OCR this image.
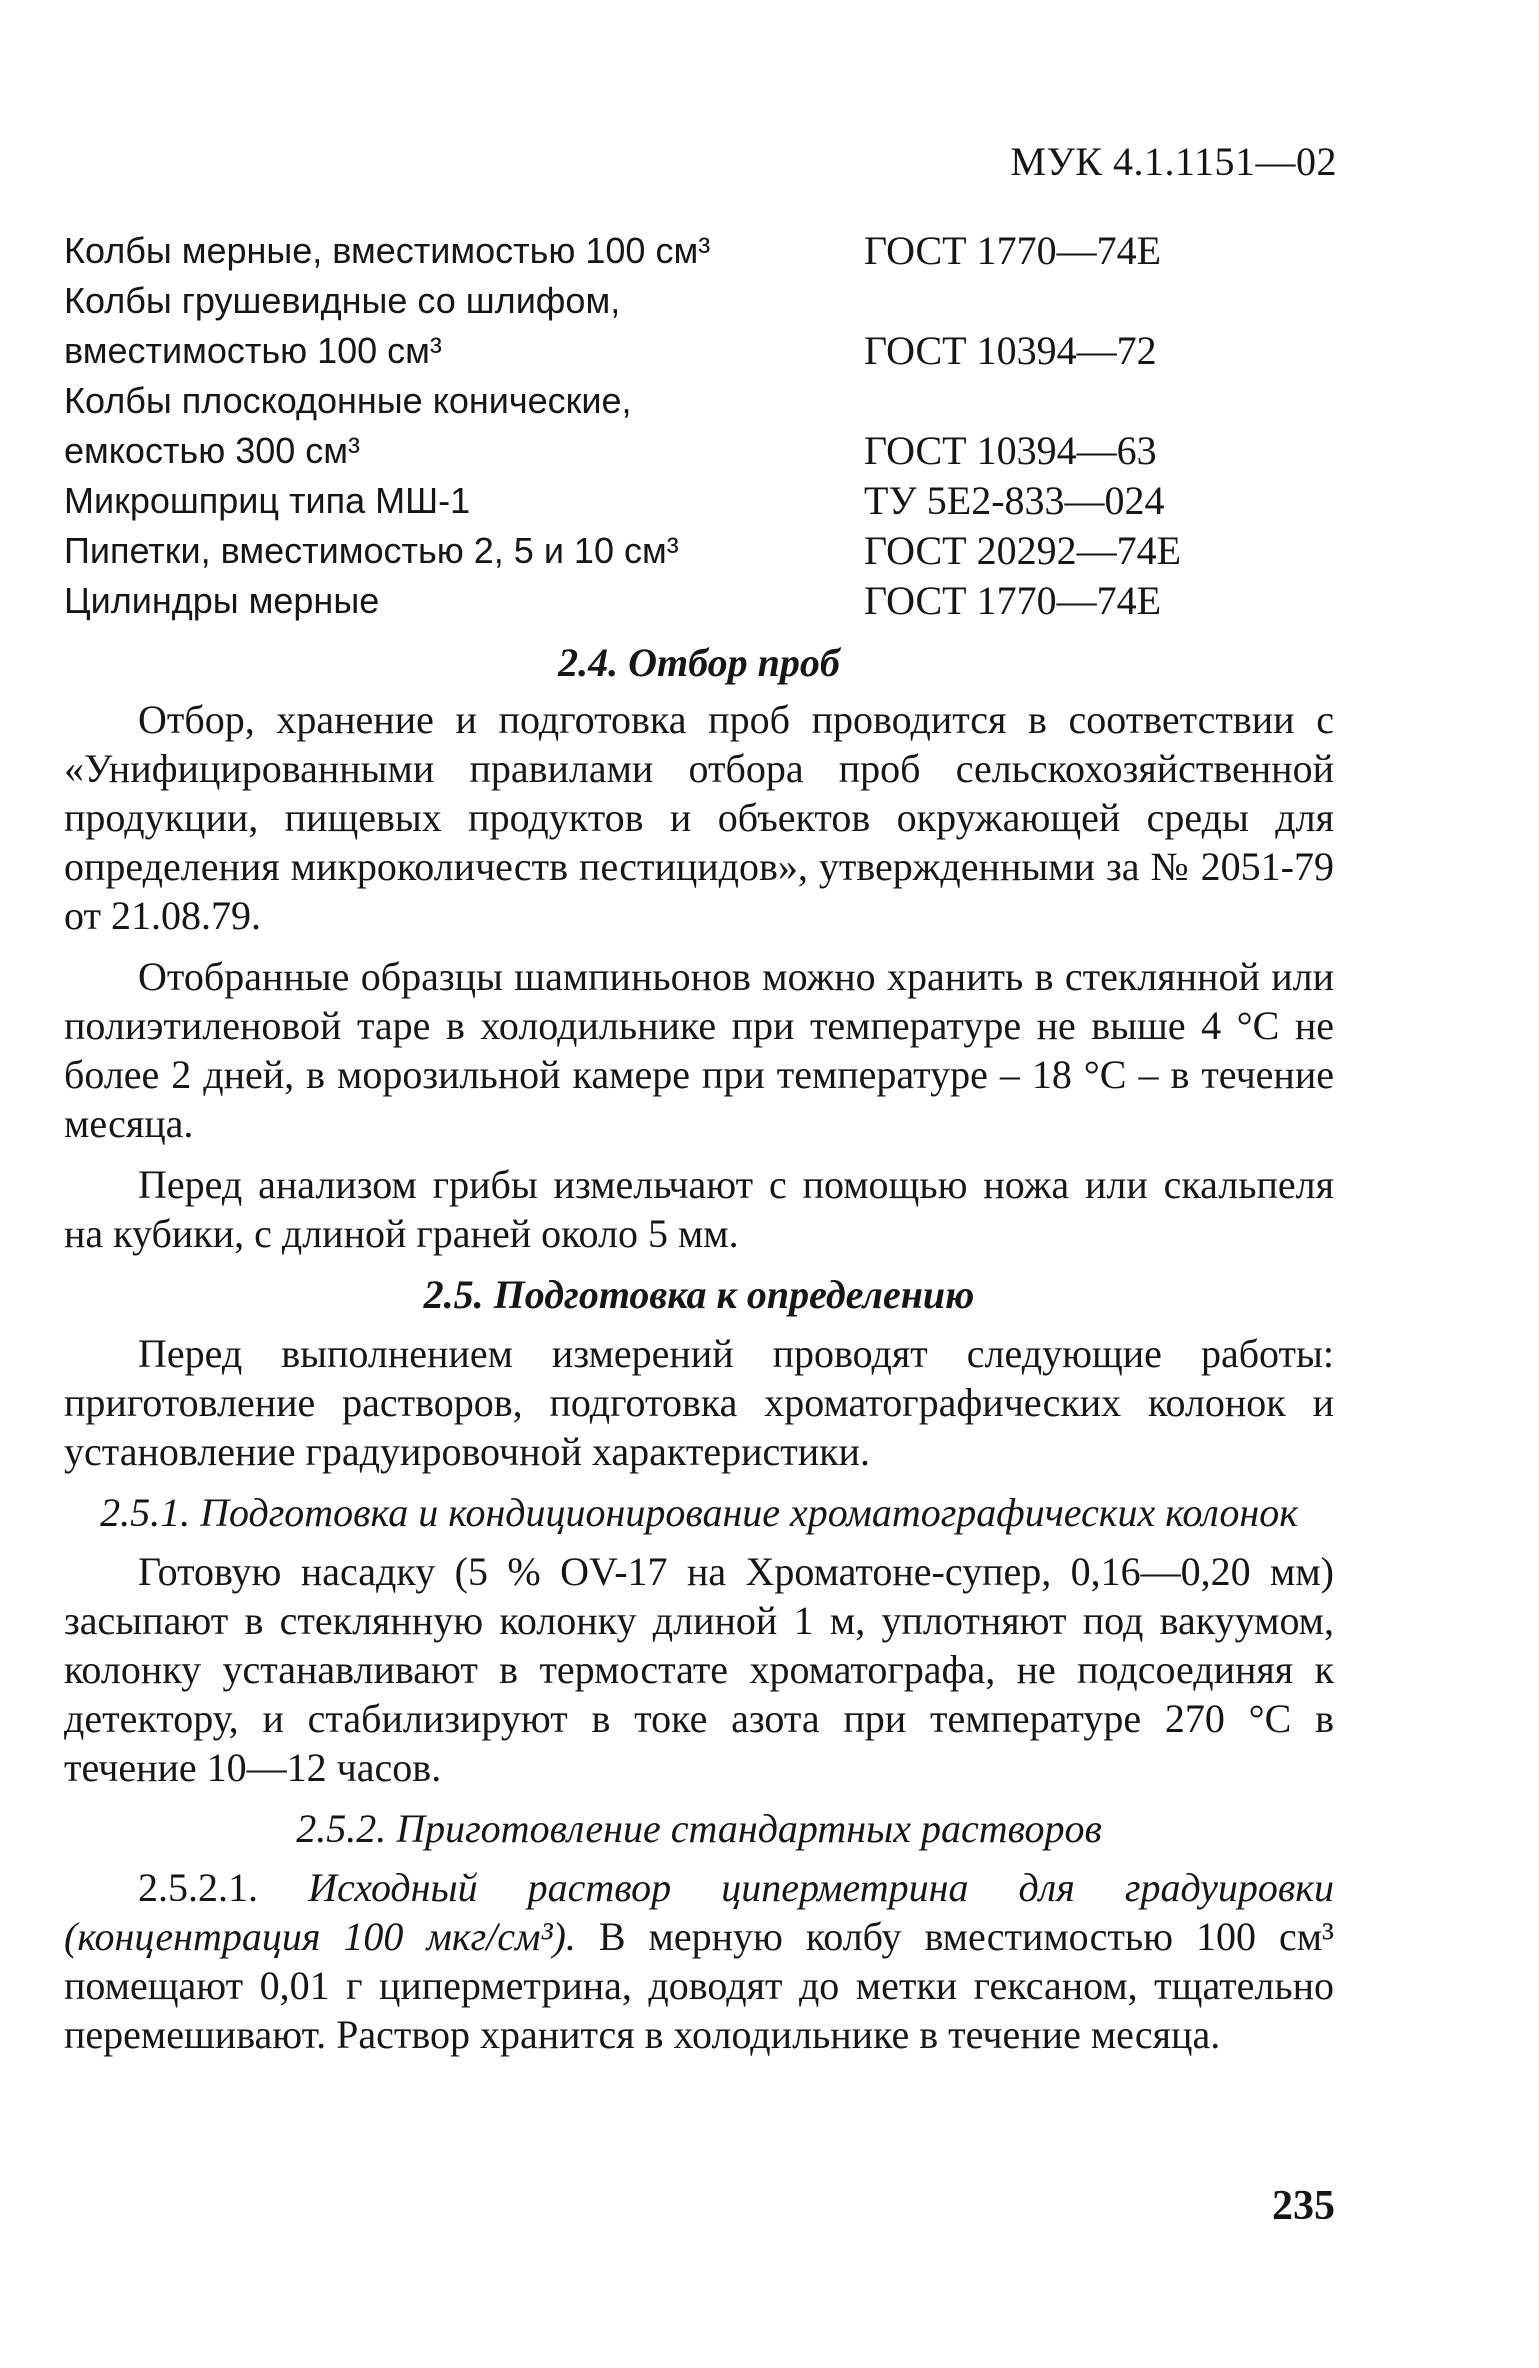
МУК 4.1.1151—02
Колбы мерные, вместимостью 100 см³	ГОСТ 1770—74Е
Колбы грушевидные со шлифом,
вместимостью 100 см³	ГОСТ 10394—72
Колбы плоскодонные конические,
емкостью 300 см³	ГОСТ 10394—63
Микрошприц типа МШ-1	ТУ 5Е2-833—024
Пипетки, вместимостью 2, 5 и 10 см³	ГОСТ 20292—74Е
Цилиндры мерные	ГОСТ 1770—74Е
2.4. Отбор проб

Отбор, хранение и подготовка проб проводится в соответствии с «Унифицированными правилами отбора проб сельскохозяйственной продукции, пищевых продуктов и объектов окружающей среды для определения микроколичеств пестицидов», утвержденными за № 2051-79 от 21.08.79.

Отобранные образцы шампиньонов можно хранить в стеклянной или полиэтиленовой таре в холодильнике при температуре не выше 4 °С не более 2 дней, в морозильной камере при температуре – 18 °С – в течение месяца.

Перед анализом грибы измельчают с помощью ножа или скальпеля на кубики, с длиной граней около 5 мм.

2.5. Подготовка к определению

Перед выполнением измерений проводят следующие работы: приготовление растворов, подготовка хроматографических колонок и установление градуировочной характеристики.

2.5.1. Подготовка и кондиционирование хроматографических колонок

Готовую насадку (5 % OV-17 на Хроматоне-супер, 0,16—0,20 мм) засыпают в стеклянную колонку длиной 1 м, уплотняют под вакуумом, колонку устанавливают в термостате хроматографа, не подсоединяя к детектору, и стабилизируют в токе азота при температуре 270 °С в течение 10—12 часов.

2.5.2. Приготовление стандартных растворов

2.5.2.1. Исходный раствор циперметрина для градуировки (концентрация 100 мкг/см³). В мерную колбу вместимостью 100 см³ помещают 0,01 г циперметрина, доводят до метки гексаном, тщательно перемешивают. Раствор хранится в холодильнике в течение месяца.

235
